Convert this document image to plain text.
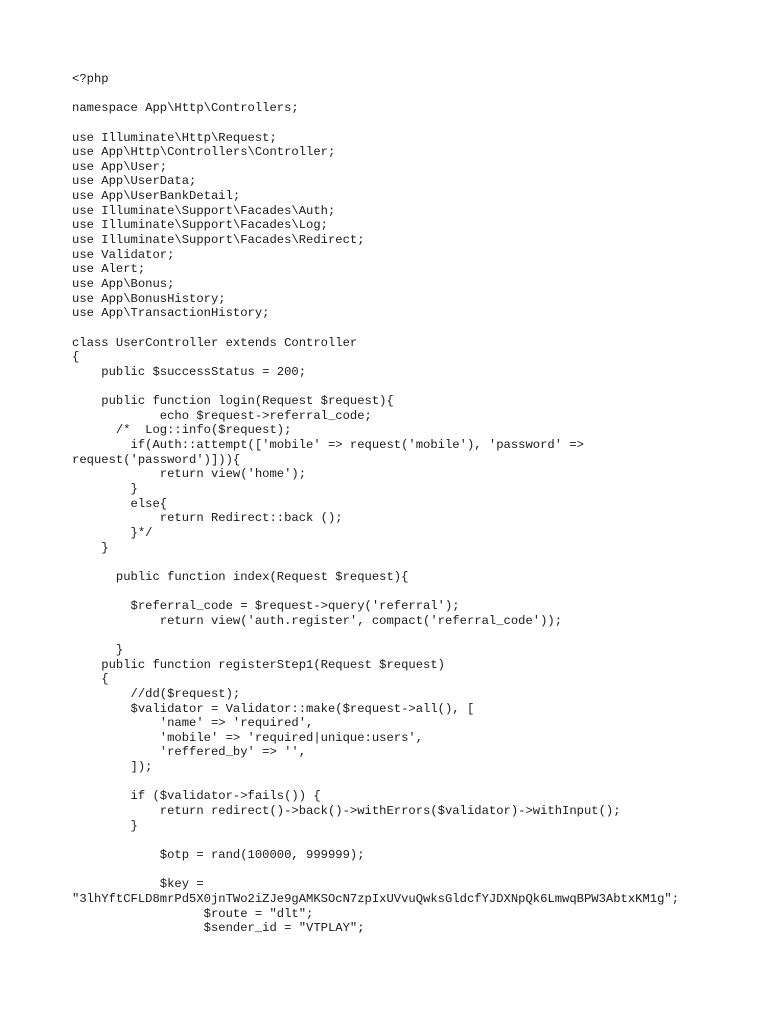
<?php
namespace App\Http\Controllers;
use Illuminate\Http\Request;
use App\Http\Controllers\Controller;
use App\User;
use App\UserData;
use App\UserBankDetail;
use Illuminate\Support\Facades\Auth;
use Illuminate\Support\Facades\Log;
use Illuminate\Support\Facades\Redirect;
use Validator;
use Alert;
use App\Bonus;
use App\BonusHistory;
use App\TransactionHistory;
class UserController extends Controller
{
public $successStatus = 200;
public function login(Request $request){
echo $request->referral_code;
/*  Log::info($request);
if(Auth::attempt(['mobile' => request('mobile'), 'password' =>
request('password')])){
return view('home');
}
else{
return Redirect::back ();
}*/
}
public function index(Request $request){
$referral_code = $request->query('referral');
return view('auth.register', compact('referral_code'));
}
public function registerStep1(Request $request)
{
//dd($request);
$validator = Validator::make($request->all(), [
'name' => 'required',
'mobile' => 'required|unique:users',
'reffered_by' => '',
]);
if ($validator->fails()) {
return redirect()->back()->withErrors($validator)->withInput();
}
$otp = rand(100000, 999999);
$key =
"3lhYftCFLD8mrPd5X0jnTWo2iZJe9gAMKSOcN7zpIxUVvuQwksGldcfYJDXNpQk6LmwqBPW3AbtxKM1g";
$route = "dlt";
$sender_id = "VTPLAY";
